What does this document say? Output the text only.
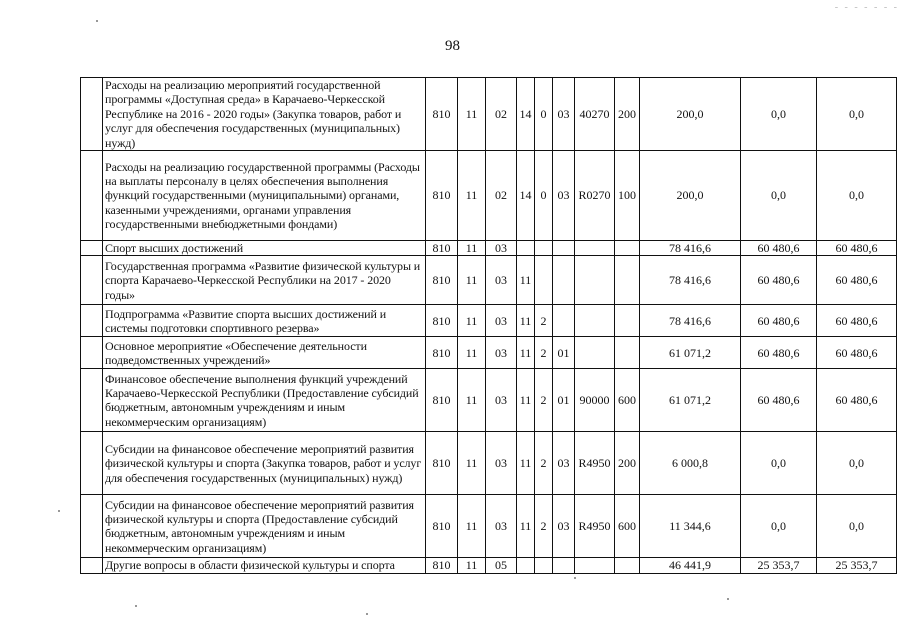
- - - - - - -
98
	Расходы на реализацию мероприятий государственной программы «Доступная среда» в Карачаево-Черкесской Республике на 2016 - 2020 годы» (Закупка товаров, работ и услуг для обеспечения государственных (муниципальных) нужд)	810	11	02	14	0	03	40270	200	200,0	0,0	0,0
	Расходы на реализацию государственной программы (Расходы на выплаты персоналу в целях обеспечения выполнения функций государственными (муниципальными) органами, казенными учреждениями, органами управления государственными внебюджетными фондами)	810	11	02	14	0	03	R0270	100	200,0	0,0	0,0
	Спорт высших достижений	810	11	03						78 416,6	60 480,6	60 480,6
	Государственная программа «Развитие физической культуры и спорта Карачаево-Черкесской Республики на 2017 - 2020 годы»	810	11	03	11					78 416,6	60 480,6	60 480,6
	Подпрограмма «Развитие спорта высших достижений и системы подготовки спортивного резерва»	810	11	03	11	2				78 416,6	60 480,6	60 480,6
	Основное мероприятие «Обеспечение деятельности подведомственных учреждений»	810	11	03	11	2	01			61 071,2	60 480,6	60 480,6
	Финансовое обеспечение выполнения функций учреждений Карачаево-Черкесской Республики (Предоставление субсидий бюджетным, автономным учреждениям и иным некоммерческим организациям)	810	11	03	11	2	01	90000	600	61 071,2	60 480,6	60 480,6
	Субсидии на финансовое обеспечение мероприятий развития физической культуры и спорта (Закупка товаров, работ и услуг для обеспечения государственных (муниципальных) нужд)	810	11	03	11	2	03	R4950	200	6 000,8	0,0	0,0
	Субсидии на финансовое обеспечение мероприятий развития физической культуры и спорта (Предоставление субсидий бюджетным, автономным учреждениям и иным некоммерческим организациям)	810	11	03	11	2	03	R4950	600	11 344,6	0,0	0,0
	Другие вопросы в области физической культуры и спорта	810	11	05						46 441,9	25 353,7	25 353,7
